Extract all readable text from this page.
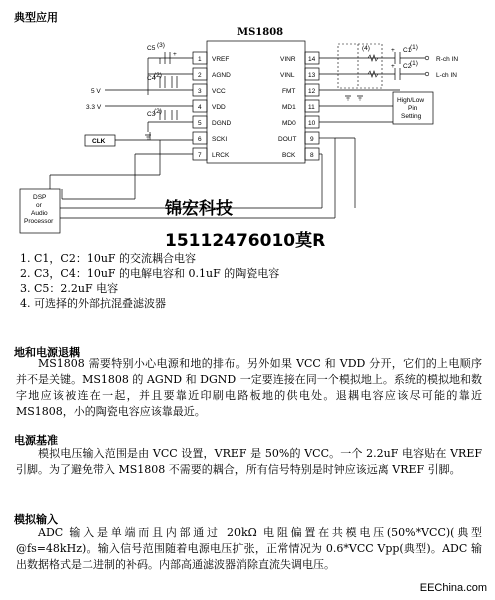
典型应用
MS1808
1
2
3
4
5
6
7
VREF
AGND
VCC
VDD
DGND
SCKI
LRCK
14
13
12
11
10
9
8
VINR
VINL
FMT
MD1
MD0
DOUT
BCK
C5 (3)
C4
(2)
C3
(2)
C1
(1)
C2
(1)
(4)
+
+
+
5 V
3.3 V
CLK
R-ch IN
L-ch IN
High/Low
Pin
Setting
DSP
or
Audio
Processor
锦宏科技
15112476010莫R
1. C1，C2：10uF 的交流耦合电容
2. C3，C4：10uF 的电解电容和 0.1uF 的陶瓷电容
3. C5：2.2uF 电容
4. 可选择的外部抗混叠滤波器
地和电源退耦
MS1808 需要特别小心电源和地的排布。另外如果 VCC 和 VDD 分开，它们的上电顺序并不是关键。MS1808 的 AGND 和 DGND 一定要连接在同一个模拟地上。系统的模拟地和数字地应该被连在一起，并且要靠近印刷电路板地的供电处。退耦电容应该尽可能的靠近 MS1808，小的陶瓷电容应该靠最近。
电源基准
模拟电压输入范围是由 VCC 设置，VREF 是 50%的 VCC。一个 2.2uF 电容贴在 VREF 引脚。为了避免带入 MS1808 不需要的耦合，所有信号特别是时钟应该远离 VREF 引脚。
模拟输入
ADC 输入是单端而且内部通过 20kΩ 电阻偏置在共模电压(50%*VCC)(典型@fs=48kHz)。输入信号范围随着电源电压扩张，正常情况为 0.6*VCC Vpp(典型)。ADC 输出数据格式是二进制的补码。内部高通滤波器消除直流失调电压。
EEChina.com
